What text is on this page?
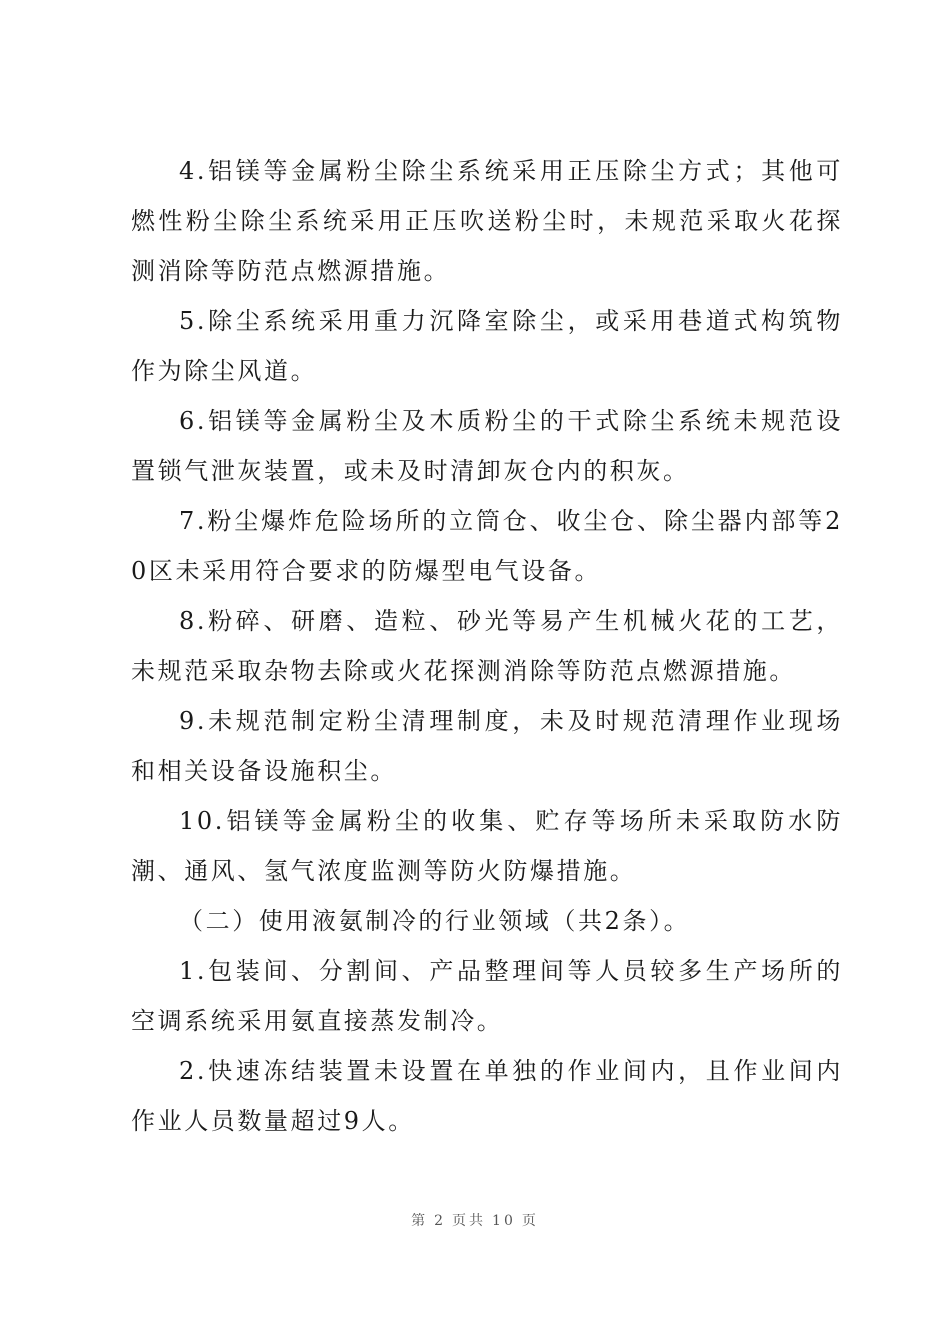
4.铝镁等金属粉尘除尘系统采用正压除尘方式；其他可燃性粉尘除尘系统采用正压吹送粉尘时，未规范采取火花探测消除等防范点燃源措施。

5.除尘系统采用重力沉降室除尘，或采用巷道式构筑物作为除尘风道。

6.铝镁等金属粉尘及木质粉尘的干式除尘系统未规范设置锁气泄灰装置，或未及时清卸灰仓内的积灰。

7.粉尘爆炸危险场所的立筒仓、收尘仓、除尘器内部等20区未采用符合要求的防爆型电气设备。

8.粉碎、研磨、造粒、砂光等易产生机械火花的工艺，未规范采取杂物去除或火花探测消除等防范点燃源措施。

9.未规范制定粉尘清理制度，未及时规范清理作业现场和相关设备设施积尘。

10.铝镁等金属粉尘的收集、贮存等场所未采取防水防潮、通风、氢气浓度监测等防火防爆措施。

（二）使用液氨制冷的行业领域（共2条）。

1.包装间、分割间、产品整理间等人员较多生产场所的空调系统采用氨直接蒸发制冷。

2.快速冻结装置未设置在单独的作业间内，且作业间内作业人员数量超过9人。

第 2 页共 10 页
